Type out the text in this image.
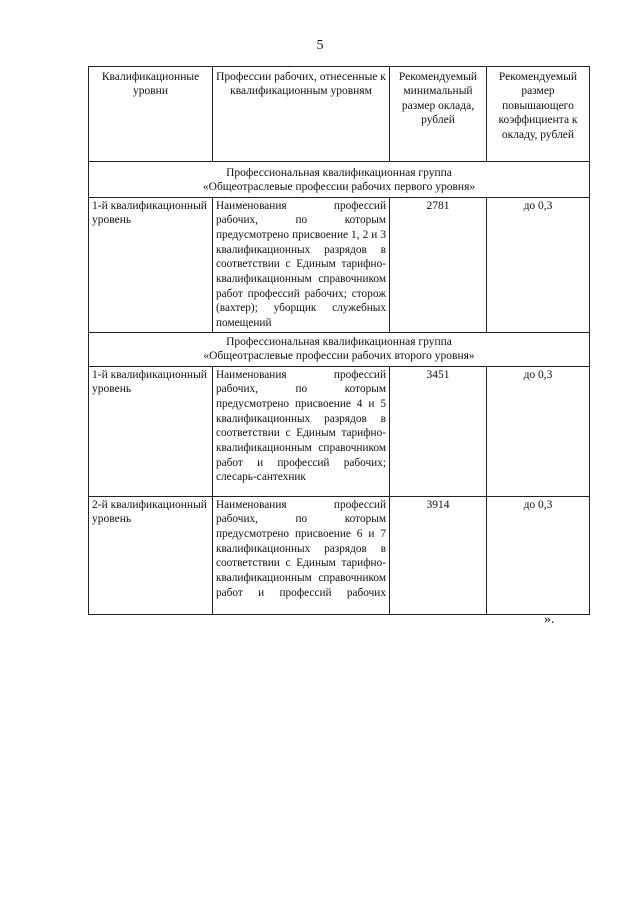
5
Квалификационные уровни	Профессии рабочих, отнесенные к квалификационным уровням	Рекомендуемый минимальный размер оклада, рублей	Рекомендуемый размер повышающего коэффициента к окладу, рублей

Профессиональная квалификационная группа
«Общеотраслевые профессии рабочих первого уровня»			

1-й квалификационный уровень	Наименования профессий рабочих, по которым предусмотрено присвоение 1, 2 и 3 квалификационных разрядов в соответствии с Единым тарифно-квалификационным справочником работ профессий рабочих; сторож (вахтер); уборщик служебных помещений	2781	до 0,3

Профессиональная квалификационная группа
«Общеотраслевые профессии рабочих второго уровня»			

1-й квалификационный уровень	Наименования профессий рабочих, по которым предусмотрено присвоение 4 и 5 квалификационных разрядов в соответствии с Единым тарифно-квалификационным справочником работ и профессий рабочих; слесарь-сантехник	3451	до 0,3
2-й квалификационный уровень	Наименования профессий рабочих, по которым предусмотрено присвоение 6 и 7 квалификационных разрядов в соответствии с Единым тарифно-квалификационным справочником работ и профессий рабочих	3914	до 0,3
».
